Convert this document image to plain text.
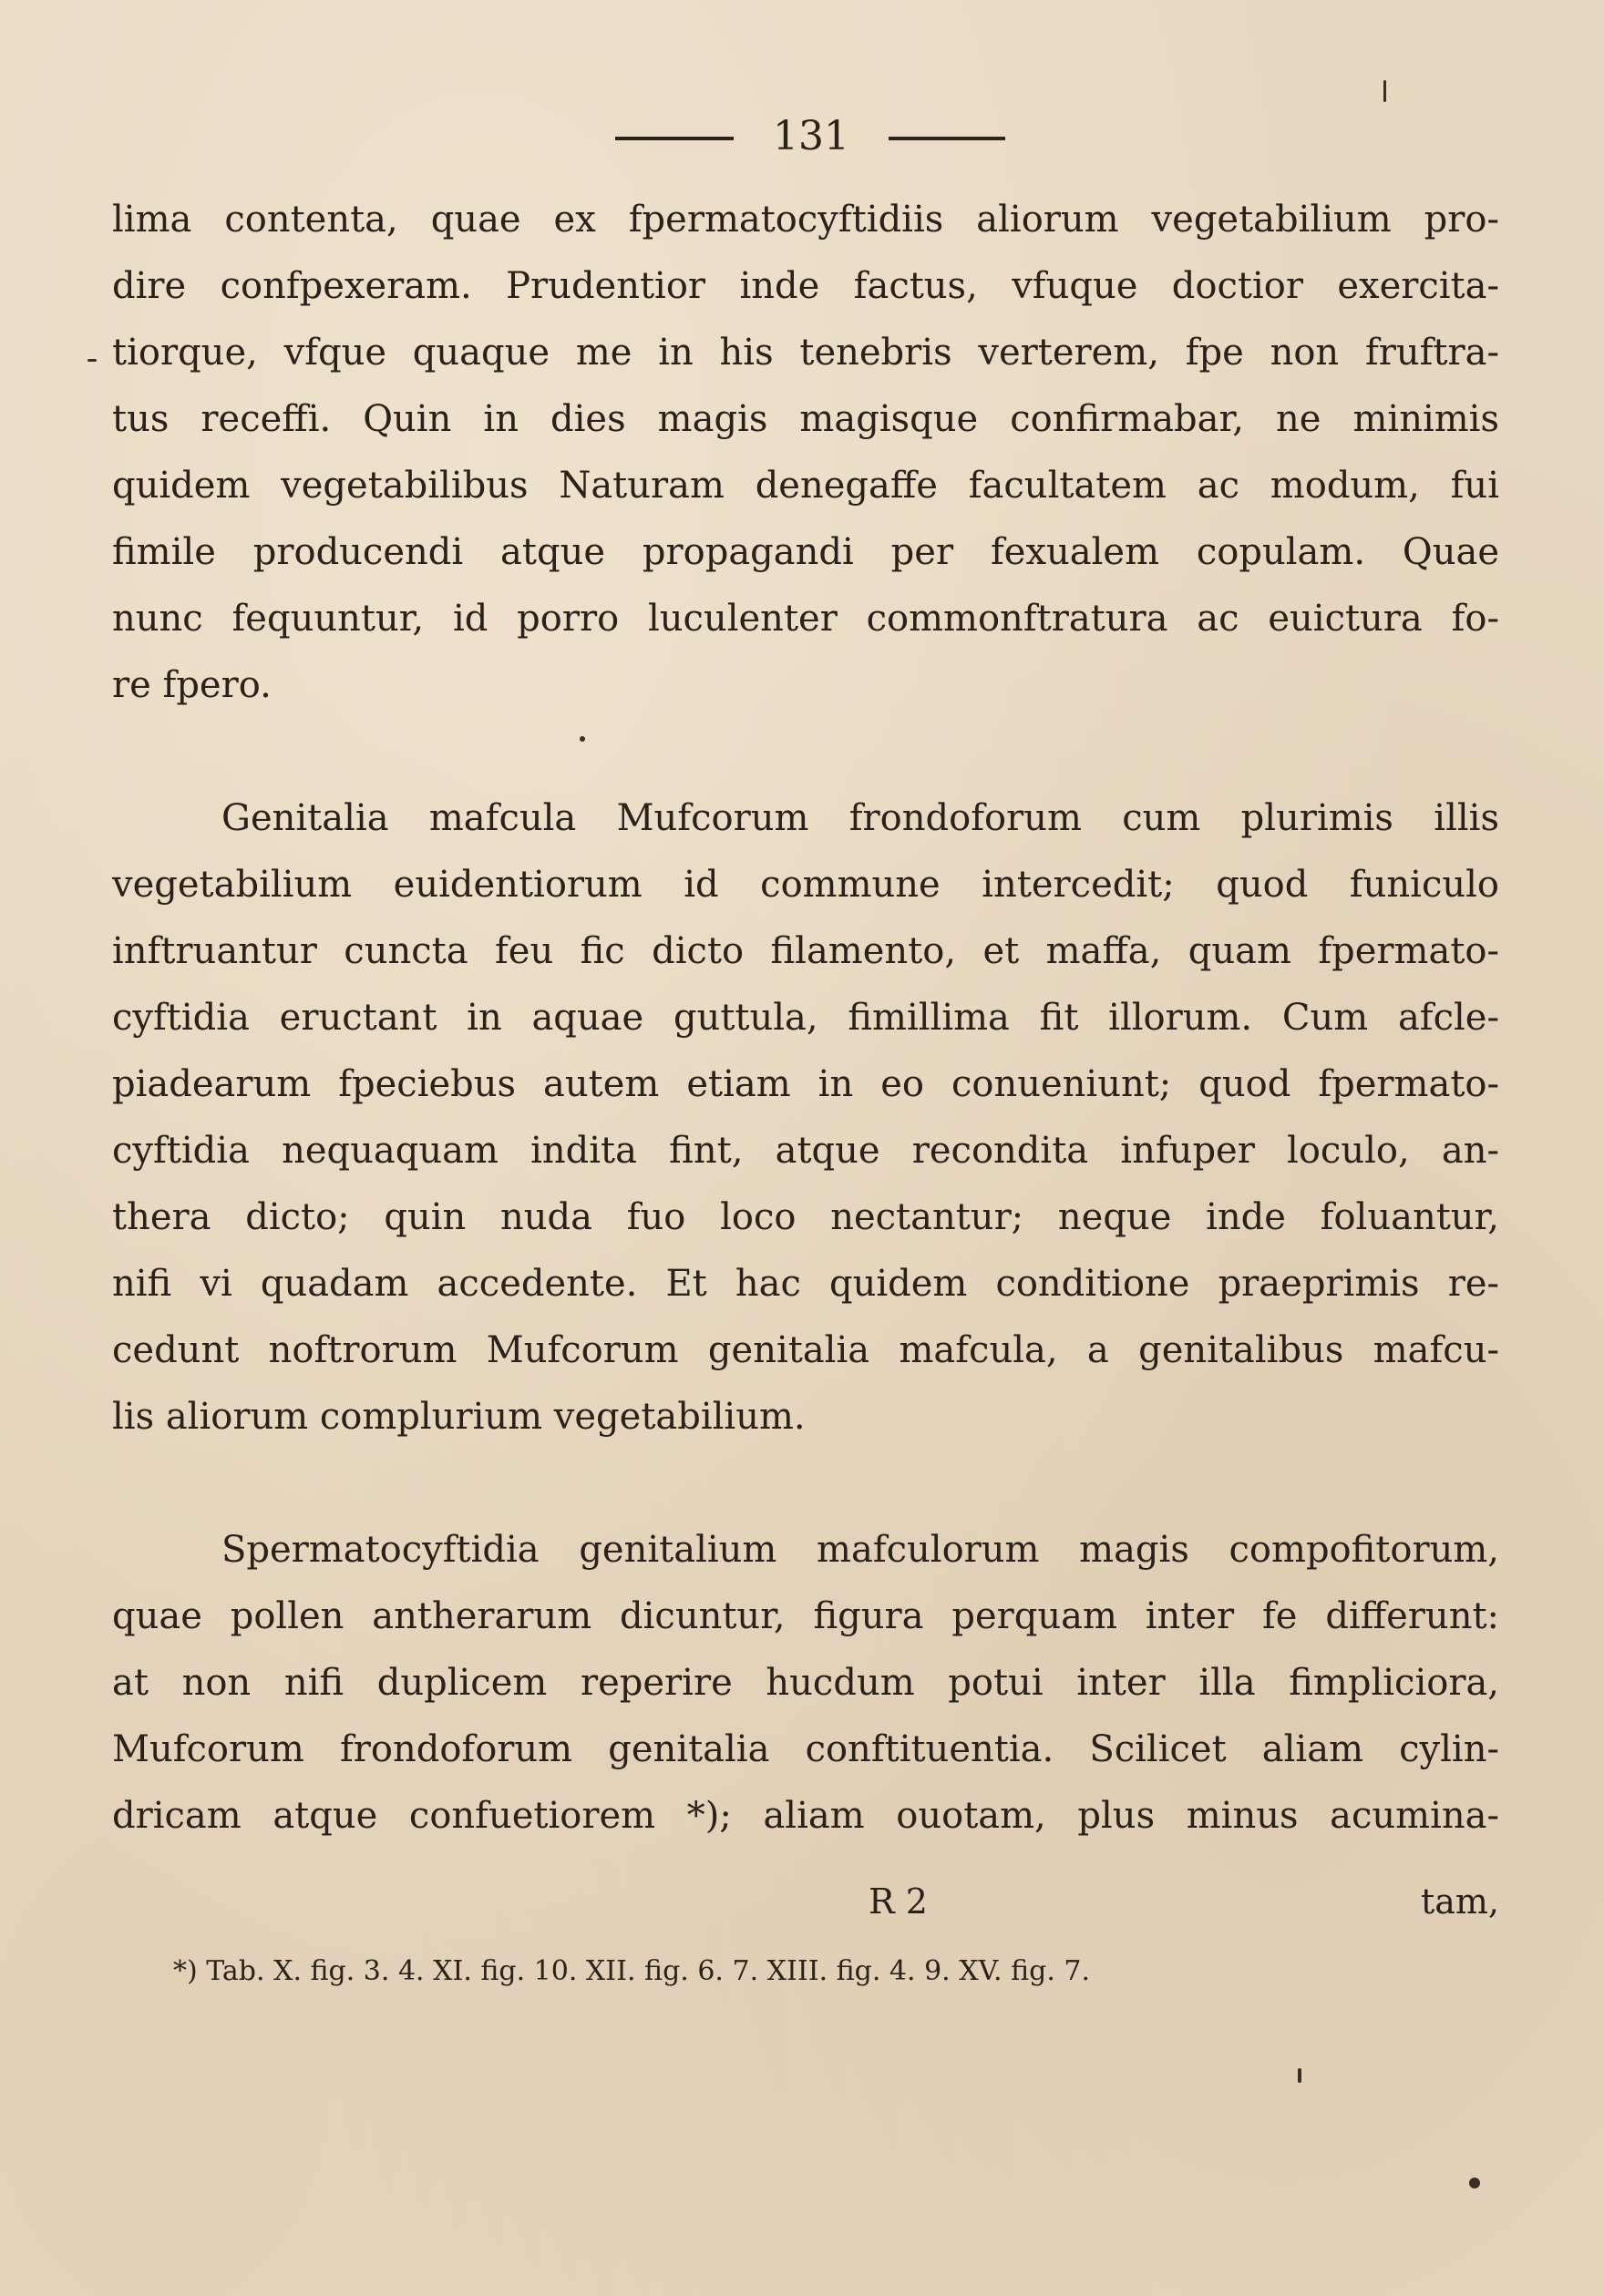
131
lima contenta, quae ex fpermatocyftidiis aliorum vegetabilium pro-
dire confpexeram. Prudentior inde factus, vfuque doctior exercita-
tiorque, vfque quaque me in his tenebris verterem, fpe non fruftra-
tus receffi. Quin in dies magis magisque confirmabar, ne minimis
quidem vegetabilibus Naturam denegaffe facultatem ac modum, fui
fimile producendi atque propagandi per fexualem copulam. Quae
nunc fequuntur, id porro luculenter commonftratura ac euictura fo-
re fpero.
Genitalia mafcula Mufcorum frondoforum cum plurimis illis
vegetabilium euidentiorum id commune intercedit; quod funiculo
inftruantur cuncta feu fic dicto filamento, et maffa, quam fpermato-
cyftidia eructant in aquae guttula, fimillima fit illorum. Cum afcle-
piadearum fpeciebus autem etiam in eo conueniunt; quod fpermato-
cyftidia nequaquam indita fint, atque recondita infuper loculo, an-
thera dicto; quin nuda fuo loco nectantur; neque inde foluantur,
nifi vi quadam accedente. Et hac quidem conditione praeprimis re-
cedunt noftrorum Mufcorum genitalia mafcula, a genitalibus mafcu-
lis aliorum complurium vegetabilium.
Spermatocyftidia genitalium mafculorum magis compofitorum,
quae pollen antherarum dicuntur, figura perquam inter fe differunt:
at non nifi duplicem reperire hucdum potui inter illa fimpliciora,
Mufcorum frondoforum genitalia conftituentia. Scilicet aliam cylin-
dricam atque confuetiorem *); aliam ouotam, plus minus acumina-
R 2	tam,
*) Tab. X. fig. 3. 4. XI. fig. 10. XII. fig. 6. 7. XIII. fig. 4. 9. XV. fig. 7.
